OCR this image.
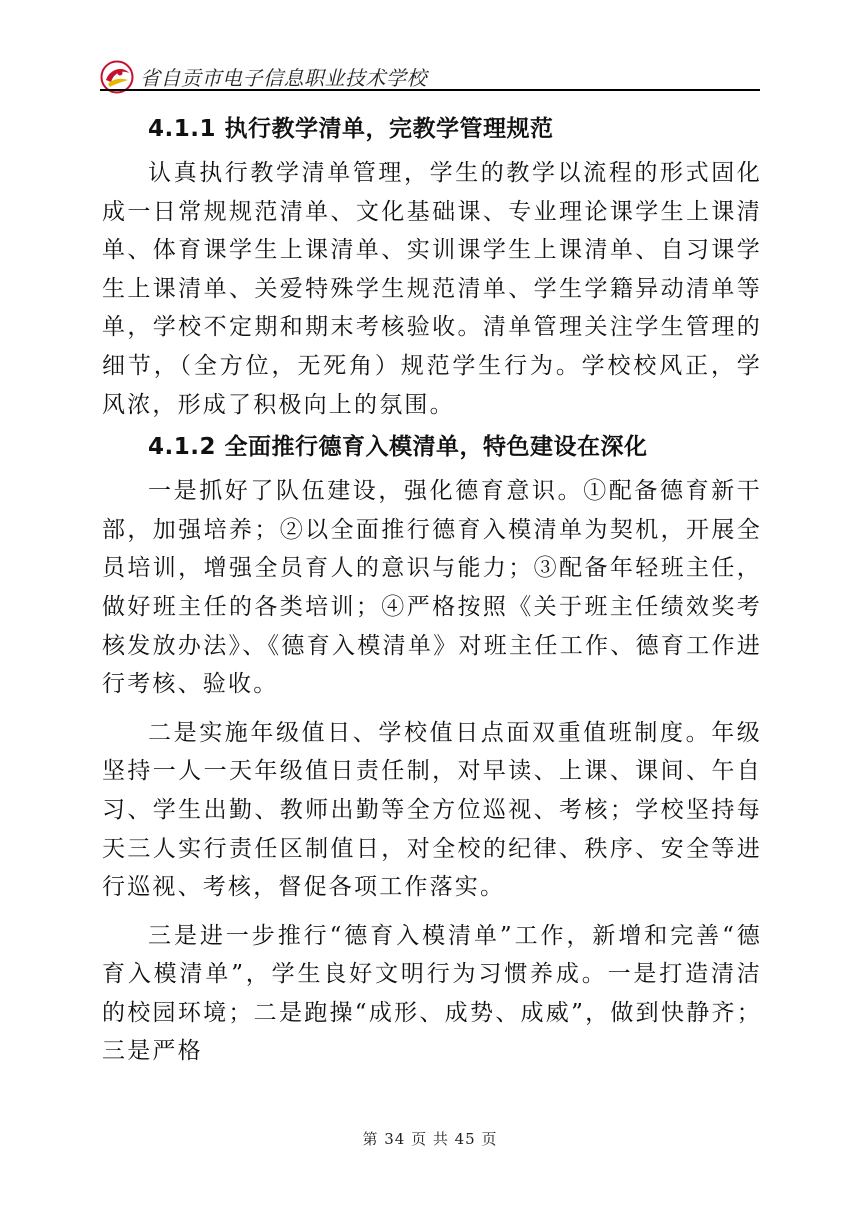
省自贡市电子信息职业技术学校
4.1.1 执行教学清单，完教学管理规范

认真执行教学清单管理，学生的教学以流程的形式固化成一日常规规范清单、文化基础课、专业理论课学生上课清单、体育课学生上课清单、实训课学生上课清单、自习课学生上课清单、关爱特殊学生规范清单、学生学籍异动清单等单，学校不定期和期末考核验收。清单管理关注学生管理的细节，（全方位，无死角）规范学生行为。学校校风正，学风浓，形成了积极向上的氛围。

4.1.2 全面推行德育入模清单，特色建设在深化

一是抓好了队伍建设，强化德育意识。①配备德育新干部，加强培养；②以全面推行德育入模清单为契机，开展全员培训，增强全员育人的意识与能力；③配备年轻班主任，做好班主任的各类培训；④严格按照《关于班主任绩效奖考核发放办法》、《德育入模清单》对班主任工作、德育工作进行考核、验收。

二是实施年级值日、学校值日点面双重值班制度。年级坚持一人一天年级值日责任制，对早读、上课、课间、午自习、学生出勤、教师出勤等全方位巡视、考核；学校坚持每天三人实行责任区制值日，对全校的纪律、秩序、安全等进行巡视、考核，督促各项工作落实。

三是进一步推行“德育入模清单”工作，新增和完善“德育入模清单”，学生良好文明行为习惯养成。一是打造清洁的校园环境；二是跑操“成形、成势、成威”，做到快静齐；三是严格

第 34 页 共 45 页
